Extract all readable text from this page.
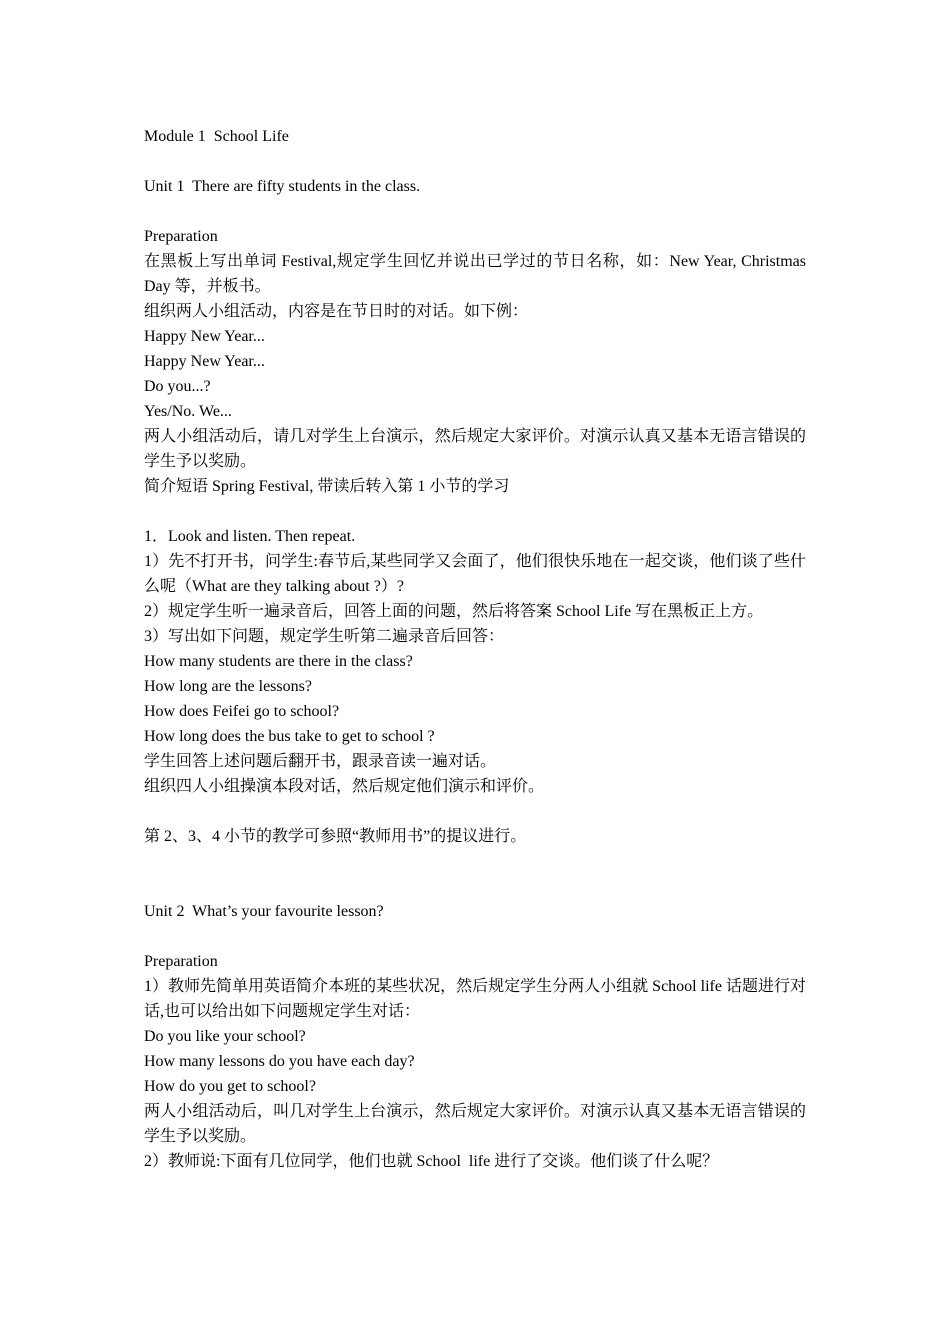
Module 1  School Life

Unit 1  There are fifty students in the class.

Preparation

在黑板上写出单词 Festival,规定学生回忆并说出已学过的节日名称，如：New Year, Christmas Day 等，并板书。

组织两人小组活动，内容是在节日时的对话。如下例：

Happy New Year...

Happy New Year...

Do you...?

Yes/No. We...

两人小组活动后，请几对学生上台演示，然后规定大家评价。对演示认真又基本无语言错误的学生予以奖励。

简介短语 Spring Festival, 带读后转入第 1 小节的学习

1．Look and listen. Then repeat.

1）先不打开书，问学生:春节后,某些同学又会面了，他们很快乐地在一起交谈，他们谈了些什么呢（What are they talking about ?）?

2）规定学生听一遍录音后，回答上面的问题，然后将答案 School Life 写在黑板正上方。

3）写出如下问题，规定学生听第二遍录音后回答：

How many students are there in the class?

How long are the lessons?

How does Feifei go to school?

How long does the bus take to get to school ?

学生回答上述问题后翻开书，跟录音读一遍对话。

组织四人小组操演本段对话，然后规定他们演示和评价。

第 2、3、4 小节的教学可参照“教师用书”的提议进行。

Unit 2  What’s your favourite lesson?

Preparation

1）教师先简单用英语简介本班的某些状况，然后规定学生分两人小组就 School life 话题进行对话,也可以给出如下问题规定学生对话：

Do you like your school?

How many lessons do you have each day?

How do you get to school?

两人小组活动后，叫几对学生上台演示，然后规定大家评价。对演示认真又基本无语言错误的学生予以奖励。

2）教师说:下面有几位同学，他们也就 School  life 进行了交谈。他们谈了什么呢？
